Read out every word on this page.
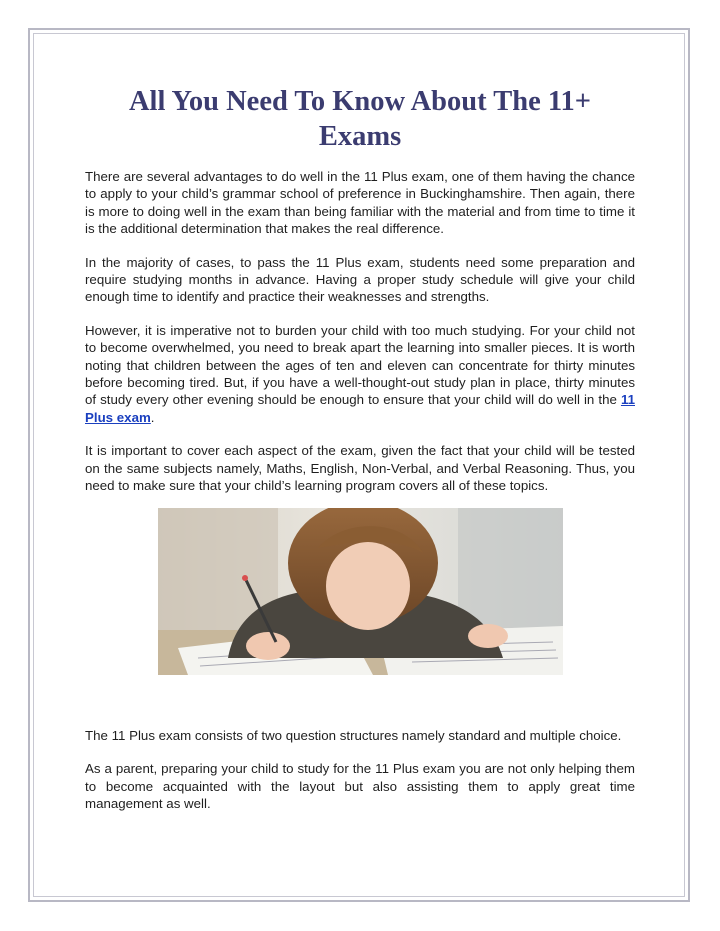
All You Need To Know About The 11+ Exams

There are several advantages to do well in the 11 Plus exam, one of them having the chance to apply to your child’s grammar school of preference in Buckinghamshire. Then again, there is more to doing well in the exam than being familiar with the material and from time to time it is the additional determination that makes the real difference.

In the majority of cases, to pass the 11 Plus exam, students need some preparation and require studying months in advance. Having a proper study schedule will give your child enough time to identify and practice their weaknesses and strengths.

However, it is imperative not to burden your child with too much studying. For your child not to become overwhelmed, you need to break apart the learning into smaller pieces. It is worth noting that children between the ages of ten and eleven can concentrate for thirty minutes before becoming tired. But, if you have a well-thought-out study plan in place, thirty minutes of study every other evening should be enough to ensure that your child will do well in the 11 Plus exam.

It is important to cover each aspect of the exam, given the fact that your child will be tested on the same subjects namely, Maths, English, Non-Verbal, and Verbal Reasoning. Thus, you need to make sure that your child’s learning program covers all of these topics.

The 11 Plus exam consists of two question structures namely standard and multiple choice.

As a parent, preparing your child to study for the 11 Plus exam you are not only helping them to become acquainted with the layout but also assisting them to apply great time management as well.
